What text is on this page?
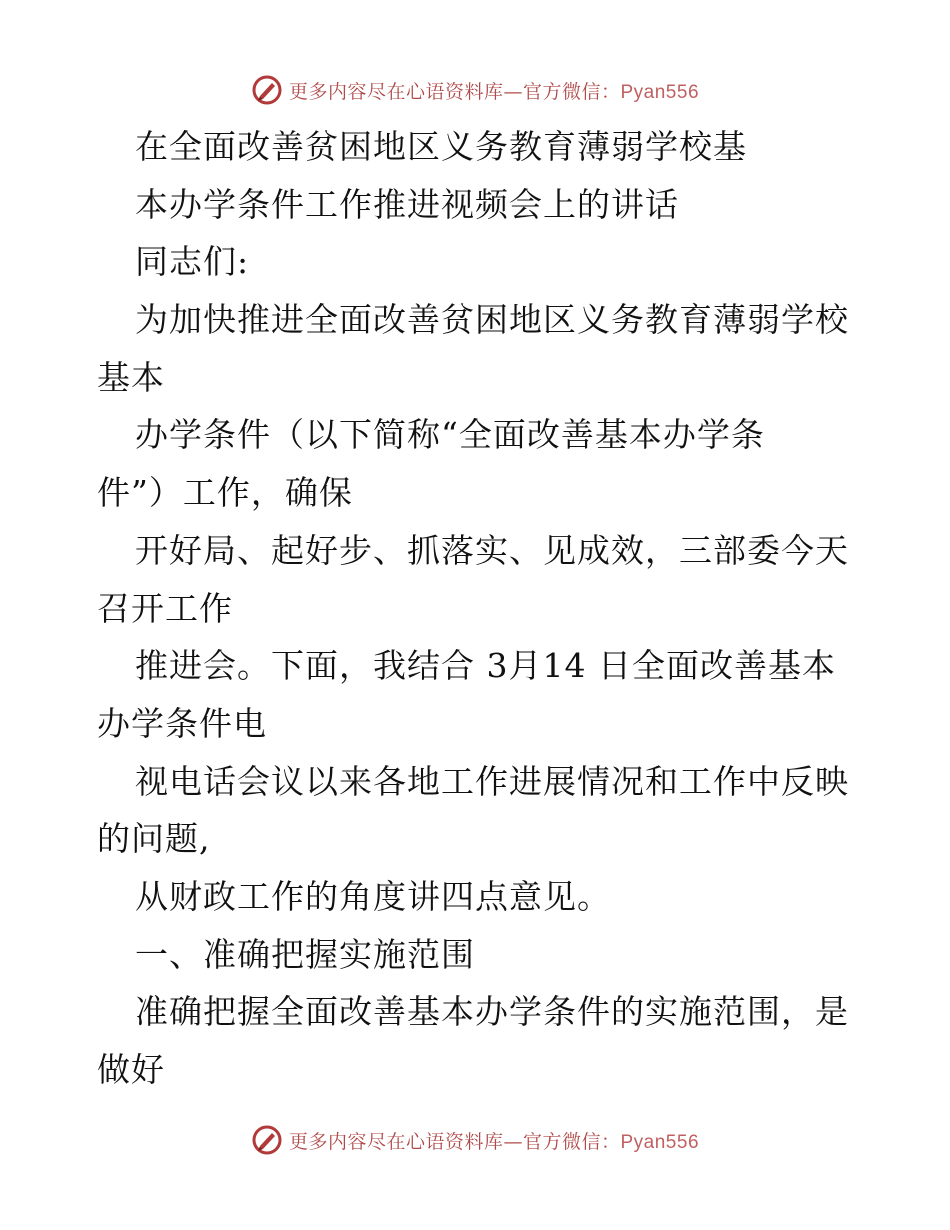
更多内容尽在心语资料库—官方微信：Pyan556
在全面改善贫困地区义务教育薄弱学校基
本办学条件工作推进视频会上的讲话
同志们:
为加快推进全面改善贫困地区义务教育薄弱学校
基本
办学条件（以下简称“全面改善基本办学条
件”）工作，确保
开好局、起好步、抓落实、见成效，三部委今天
召开工作
推进会。下面，我结合 3月14 日全面改善基本
办学条件电
视电话会议以来各地工作进展情况和工作中反映
的问题,
从财政工作的角度讲四点意见。
一、准确把握实施范围
准确把握全面改善基本办学条件的实施范围，是
做好
更多内容尽在心语资料库—官方微信：Pyan556
